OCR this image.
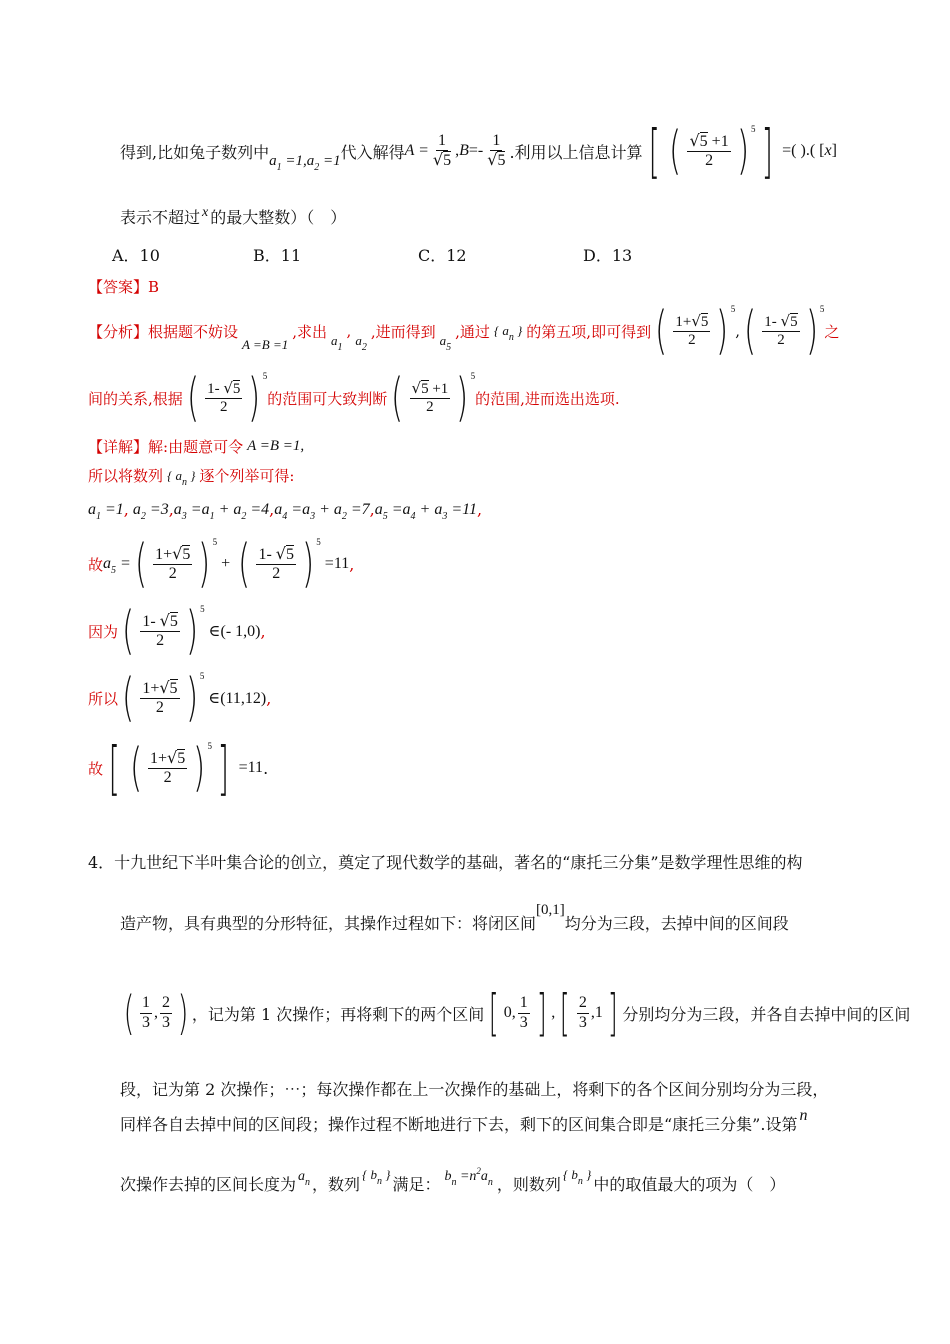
得到,比如兔子数列中 $a_1 =1,a_2 =1$ 代入解得 $A = \frac{1}{√5}$ , $B =- \frac{1}{√5}$ .利用以上信息计算 [ ( $\frac{√5 +1}{2}$ ) 5 ] =( ).( [ x ]
表示不超过 x 的最大整数）（　）
A．10	B．11	C．12	D．13
【答案】B
【分析】 根据题不妨设
A =B =1
,求出 $a_1$
,
$a_2$
,进而得到 $a_5$
,通过 { $a_n$ } 的第五项,即可得到 ( $\frac{1+√5}{2}$ ) 5
, ( $\frac{1- √5}{2}$ ) 5
之
间的关系,根据 ( $\frac{1- √5}{2}$ ) 5
的范围可大致判断 ( $\frac{√5 +1}{2}$ ) 5
的范围,进而选出选项.
【详解】 解:由题意可令 A =B =1,
所以将数列 { $a_n$ } 逐个列举可得:
$a_1 =1$ , $a_2 =3$ , $a_3 =a_1 + a_2 =4$ , $a_4 =a_3 + a_2 =7$ , $a_5 =a_4 + a_3 =11$ ,
故 $a_5$ = ( $\frac{1+√5}{2}$ ) 5
+ ( $\frac{1- √5}{2}$ ) 5
=11 ,
因为 ( $\frac{1- √5}{2}$ ) 5
∈(- 1,0) ,
所以 ( $\frac{1+√5}{2}$ ) 5
∈(11,12) ,
故 [ ( $\frac{1+√5}{2}$ ) 5 ] =11 .
4．十九世纪下半叶集合论的创立，奠定了现代数学的基础，著名的“康托三分集”是数学理性思维的构
造产物，具有典型的分形特征，其操作过程如下：将闭区间
[0,1]
均分为三段，去掉中间的区间段
( $\frac{1}{3}$ , $\frac{2}{3}$ ) ，记为第 1 次操作；再将剩下的两个区间 [ 0, $\frac{1}{3}$ ] , [ $\frac{2}{3} ,1$ ] 分别均分为三段，并各自去掉中间的区间
段，记为第 2 次操作；⋯；每次操作都在上一次操作的基础上，将剩下的各个区间分别均分为三段，
同样各自去掉中间的区间段；操作过程不断地进行下去，剩下的区间集合即是“康托三分集”.设第 n
次操作去掉的区间长度为 $a_n$ ，数列 { $b_n$ } 满足： $b_n =n^2a_n$ ，则数列 { $b_n$ } 中的取值最大的项为（　）
